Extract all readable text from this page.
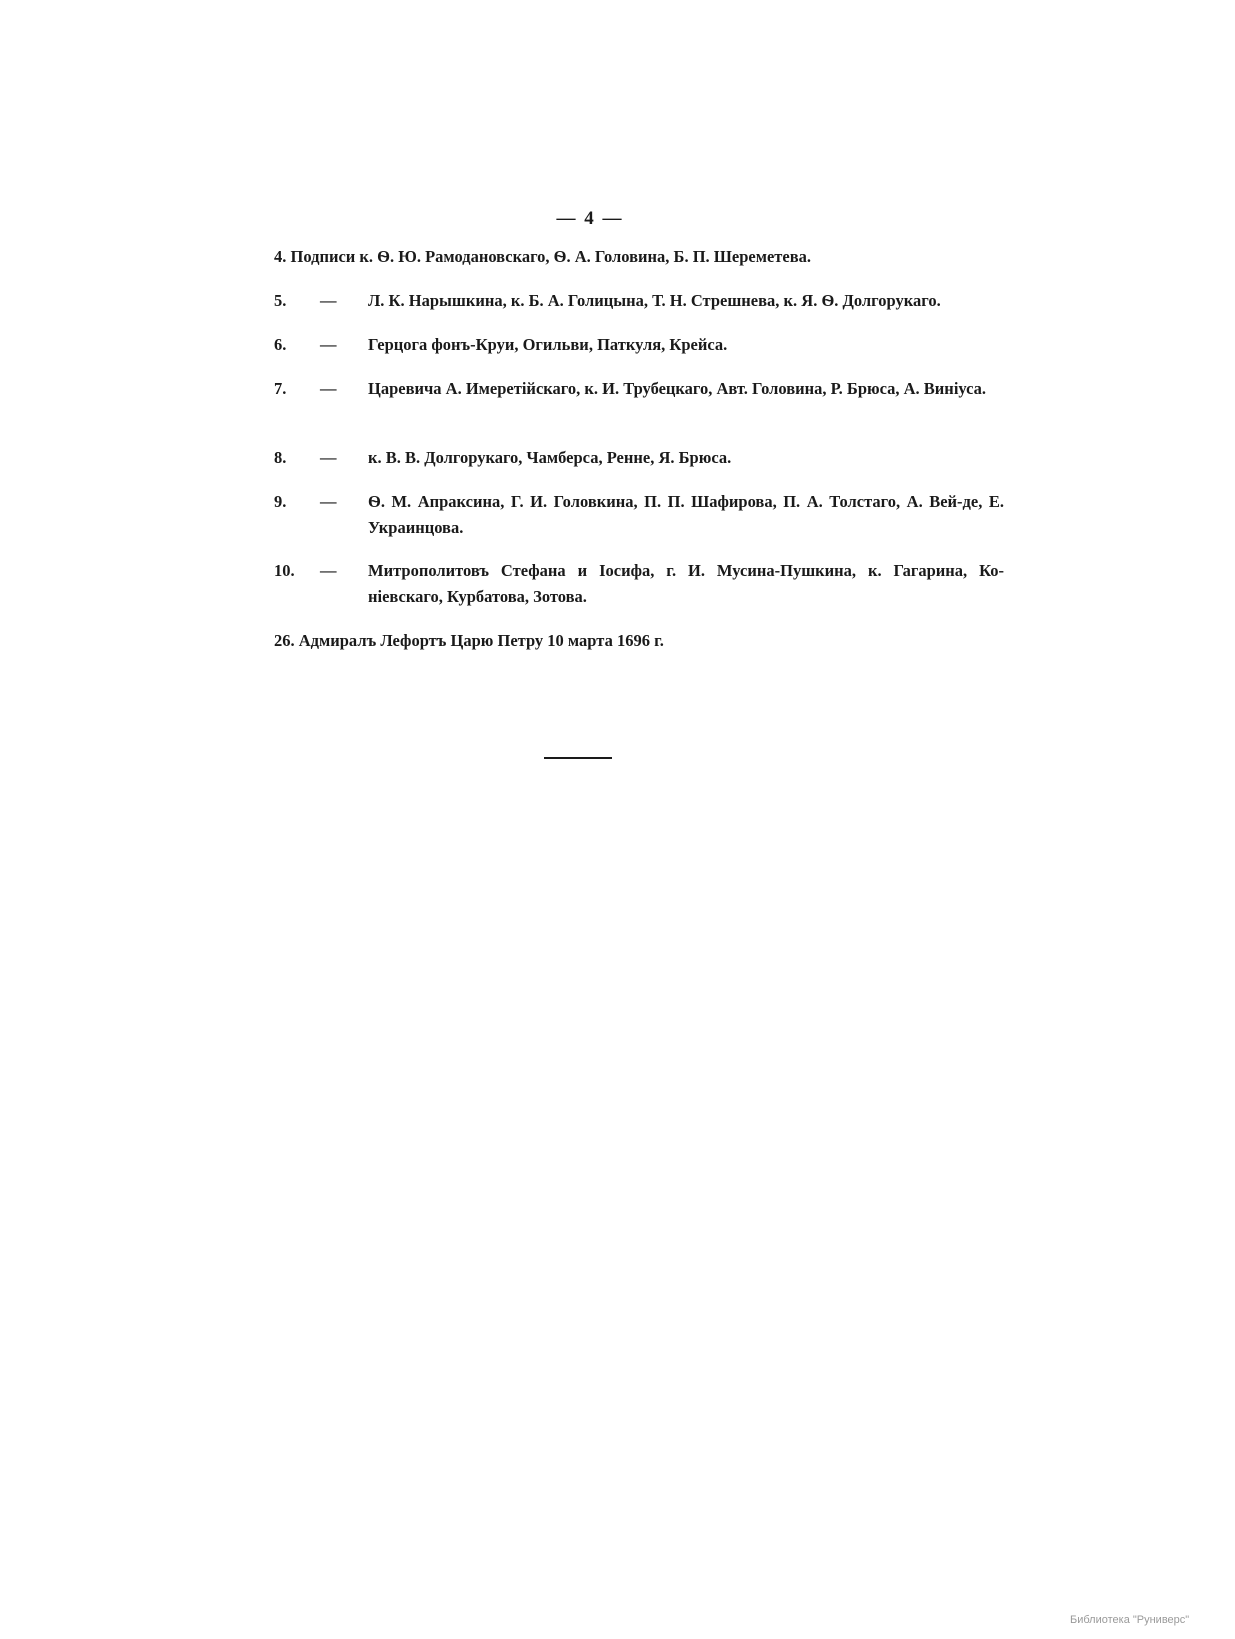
— 4 —
4. Подписи к. Ѳ. Ю. Рамодановскаго, Ѳ. А. Головина, Б. П. Шереметева.
5. — Л. К. Нарышкина, к. Б. А. Голицына, Т. Н. Стрешнева, к. Я. Ѳ. Долгорукаго.
6. — Герцога фонъ-Круи, Огильви, Паткуля, Крейса.
7. — Царевича А. Имеретійскаго, к. И. Трубецкаго, Авт. Головина, Р. Брюса, А. Виніуса.
8. — к. В. В. Долгорукаго, Чамберса, Ренне, Я. Брюса.
9. — Ѳ. М. Апраксина, Г. И. Головкина, П. П. Шафирова, П. А. Толстаго, А. Вей-де, Е. Украинцова.
10. — Митрополитовъ Стефана и Іосифа, г. И. Мусина-Пушкина, к. Гагарина, Ко-ніевскаго, Курбатова, Зотова.
26. Адмиралъ Лефортъ Царю Петру 10 марта 1696 г.
Библиотека "Руниверс"
